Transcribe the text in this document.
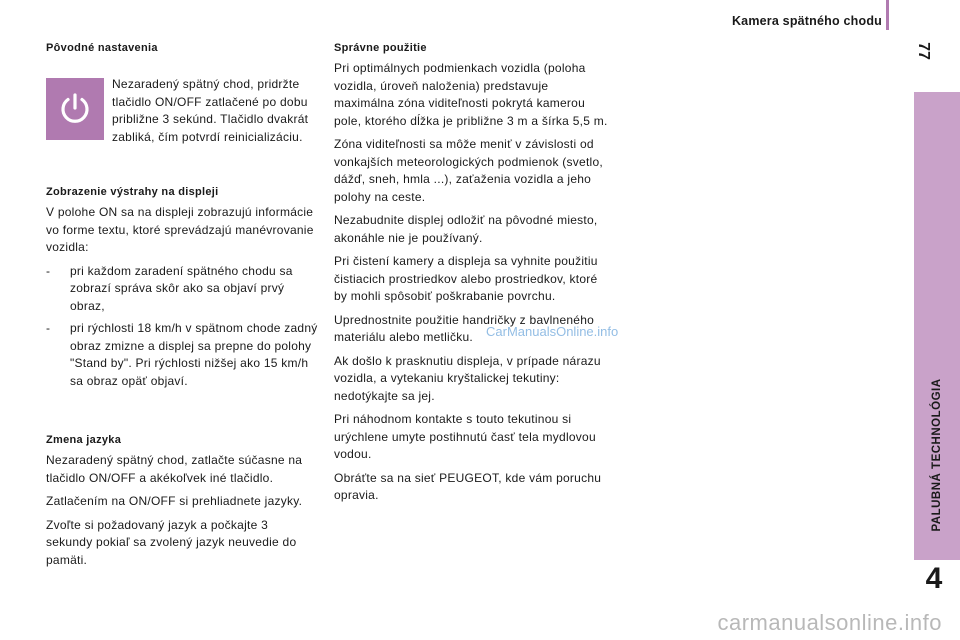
Kamera spätného chodu
77
PALUBNÁ TECHNOLÓGIA
4
Pôvodné nastavenia

Nezaradený spätný chod, pridržte tlačidlo ON/OFF zatlačené po dobu približne 3 sekúnd. Tlačidlo dvakrát zabliká, čím potvrdí reinicializáciu.

Zobrazenie výstrahy na displeji

V polohe ON sa na displeji zobrazujú informácie vo forme textu, ktoré sprevádzajú manévrovanie vozidla:

- pri každom zaradení spätného chodu sa zobrazí správa skôr ako sa objaví prvý obraz,
- pri rýchlosti 18 km/h v spätnom chode zadný obraz zmizne a displej sa prepne do polohy "Stand by". Pri rýchlosti nižšej ako 15 km/h sa obraz opäť objaví.
Zmena jazyka

Nezaradený spätný chod, zatlačte súčasne na tlačidlo ON/OFF a akékoľvek iné tlačidlo.

Zatlačením na ON/OFF si prehliadnete jazyky.

Zvoľte si požadovaný jazyk a počkajte 3 sekundy pokiaľ sa zvolený jazyk neuvedie do pamäti.

Správne použitie

Pri optimálnych podmienkach vozidla (poloha vozidla, úroveň naloženia) predstavuje maximálna zóna viditeľnosti pokrytá kamerou pole, ktorého dĺžka je približne 3 m a šírka 5,5 m.

Zóna viditeľnosti sa môže meniť v závislosti od vonkajších meteorologických podmienok (svetlo, dážď, sneh, hmla ...), zaťaženia vozidla a jeho polohy na ceste.

Nezabudnite displej odložiť na pôvodné miesto, akonáhle nie je používaný.

Pri čistení kamery a displeja sa vyhnite použitiu čistiacich prostriedkov alebo prostriedkov, ktoré by mohli spôsobiť poškrabanie povrchu.

Uprednostnite použitie handričky z bavlneného materiálu alebo metličku.

Ak došlo k prasknutiu displeja, v prípade nárazu vozidla, a vytekaniu kryštalickej tekutiny: nedotýkajte sa jej.

Pri náhodnom kontakte s touto tekutinou si urýchlene umyte postihnutú časť tela mydlovou vodou.

Obráťte sa na sieť PEUGEOT, kde vám poruchu opravia.

CarManualsOnline.info
carmanualsonline.info
